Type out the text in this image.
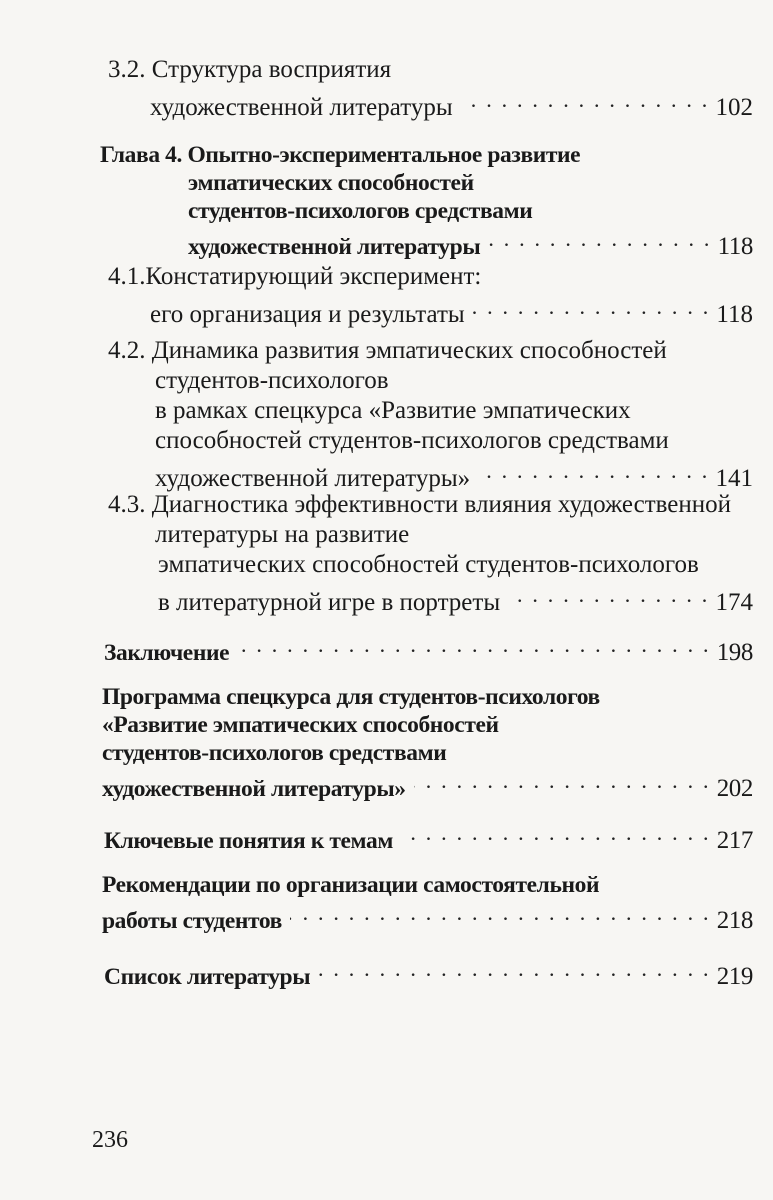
3.2. Структура восприятия
художественной литературы . . .	102
Глава 4. Опытно-экспериментальное развитие
эмпатических способностей
студентов-психологов средствами
художественной литературы . . .	118
4.1.Констатирующий эксперимент:
его организация и результаты . . .	118
4.2. Динамика развития эмпатических способностей
студентов-психологов
в рамках спецкурса «Развитие эмпатических
способностей студентов-психологов средствами
художественной литературы» . . .	141
4.3. Диагностика эффективности влияния художественной
литературы на развитие
эмпатических способностей студентов-психологов
в литературной игре в портреты . . .	174
Заключение . . .	198
Программа спецкурса для студентов-психологов
«Развитие эмпатических способностей
студентов-психологов средствами
художественной литературы» . . .	202
Ключевые понятия к темам . . .	217
Рекомендации по организации самостоятельной
работы студентов . . .	218
Список литературы . . .	219
236
